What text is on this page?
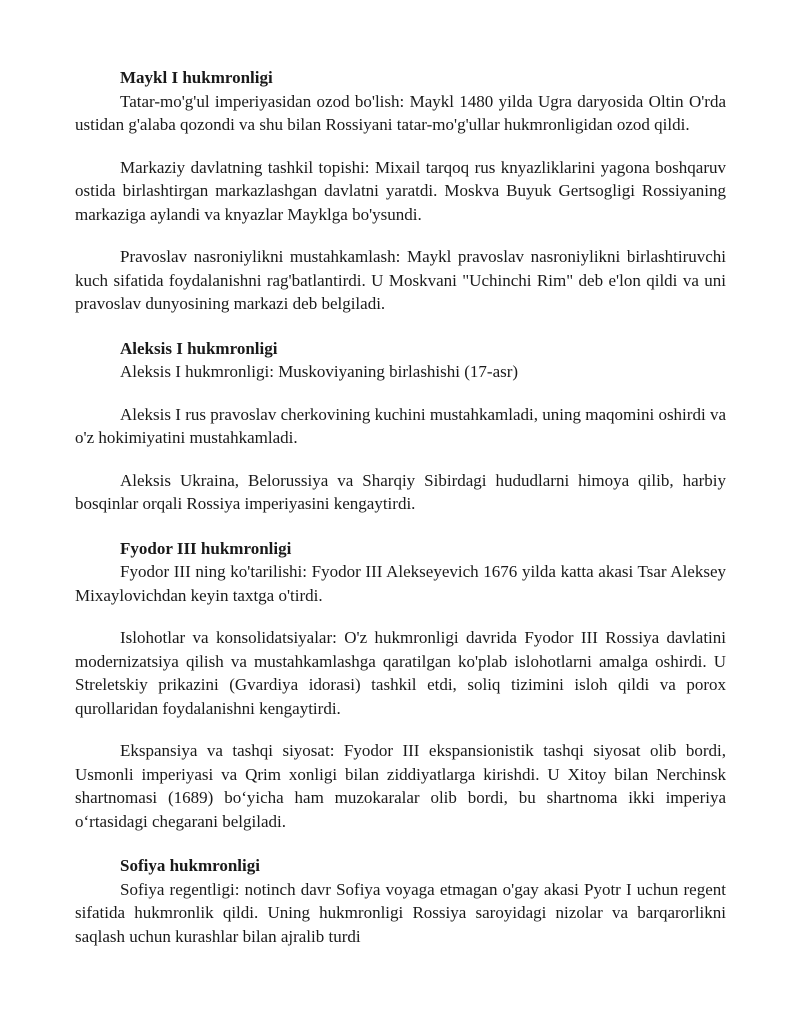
Maykl I hukmronligi

Tatar-mo'g'ul imperiyasidan ozod bo'lish: Maykl 1480 yilda Ugra daryosida Oltin O'rda ustidan g'alaba qozondi va shu bilan Rossiyani tatar-mo'g'ullar hukmronligidan ozod qildi.

Markaziy davlatning tashkil topishi: Mixail tarqoq rus knyazliklarini yagona boshqaruv ostida birlashtirgan markazlashgan davlatni yaratdi. Moskva Buyuk Gertsogligi Rossiyaning markaziga aylandi va knyazlar Mayklga bo'ysundi.

Pravoslav nasroniylikni mustahkamlash: Maykl pravoslav nasroniylikni birlashtiruvchi kuch sifatida foydalanishni rag'batlantirdi. U Moskvani "Uchinchi Rim" deb e'lon qildi va uni pravoslav dunyosining markazi deb belgiladi.

Aleksis I hukmronligi

Aleksis I hukmronligi: Muskoviyaning birlashishi (17-asr)

Aleksis I rus pravoslav cherkovining kuchini mustahkamladi, uning maqomini oshirdi va o'z hokimiyatini mustahkamladi.

Aleksis Ukraina, Belorussiya va Sharqiy Sibirdagi hududlarni himoya qilib, harbiy bosqinlar orqali Rossiya imperiyasini kengaytirdi.

Fyodor III hukmronligi

Fyodor III ning ko'tarilishi: Fyodor III Alekseyevich 1676 yilda katta akasi Tsar Aleksey Mixaylovichdan keyin taxtga o'tirdi.

Islohotlar va konsolidatsiyalar: O'z hukmronligi davrida Fyodor III Rossiya davlatini modernizatsiya qilish va mustahkamlashga qaratilgan ko'plab islohotlarni amalga oshirdi. U Streletskiy prikazini (Gvardiya idorasi) tashkil etdi, soliq tizimini isloh qildi va porox qurollaridan foydalanishni kengaytirdi.

Ekspansiya va tashqi siyosat: Fyodor III ekspansionistik tashqi siyosat olib bordi, Usmonli imperiyasi va Qrim xonligi bilan ziddiyatlarga kirishdi. U Xitoy bilan Nerchinsk shartnomasi (1689) bo‘yicha ham muzokaralar olib bordi, bu shartnoma ikki imperiya o‘rtasidagi chegarani belgiladi.

Sofiya hukmronligi

Sofiya regentligi: notinch davr Sofiya voyaga etmagan o'gay akasi Pyotr I uchun regent sifatida hukmronlik qildi. Uning hukmronligi Rossiya saroyidagi nizolar va barqarorlikni saqlash uchun kurashlar bilan ajralib turdi
